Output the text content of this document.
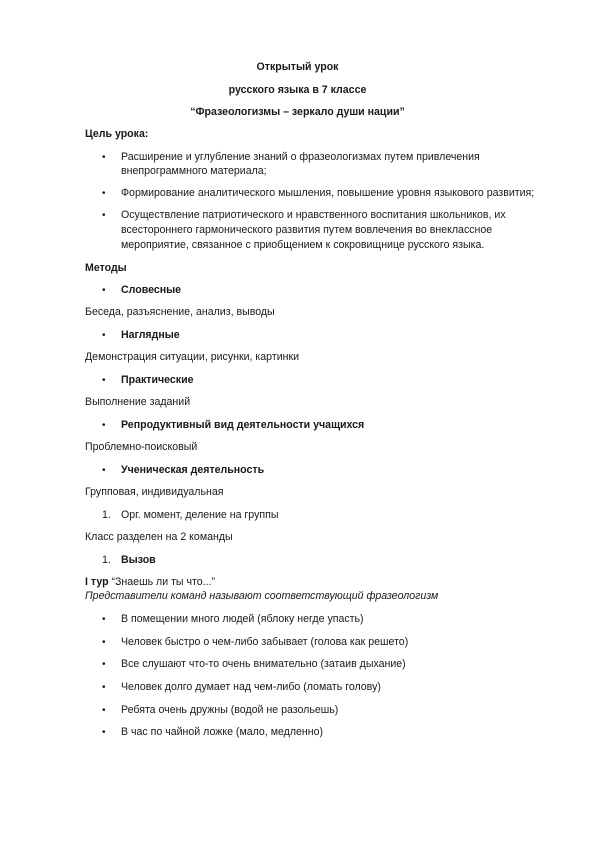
Открытый урок
русского языка в 7 классе
“Фразеологизмы – зеркало души нации”
Цель урока:
• Расширение и углубление знаний о фразеологизмах путем привлечения
внепрограммного материала;
• Формирование аналитического мышления, повышение уровня языкового развития;
• Осуществление патриотического и нравственного воспитания школьников, их
всестороннего гармонического развития путем вовлечения во внеклассное
мероприятие, связанное с приобщением к сокровищнице русского языка.
Методы
• Словесные
Беседа, разъяснение, анализ, выводы
• Наглядные
Демонстрация ситуации, рисунки, картинки
• Практические
Выполнение заданий
• Репродуктивный вид деятельности учащихся
Проблемно-поисковый
• Ученическая деятельность
Групповая, индивидуальная
1. Орг. момент, деление на группы
Класс разделен на 2 команды
1. Вызов
I тур “Знаешь ли ты что...”
Представители команд называют соответствующий фразеологизм
• В помещении много людей (яблоку негде упасть)
• Человек быстро о чем-либо забывает (голова как решето)
• Все слушают что-то очень внимательно (затаив дыхание)
• Человек долго думает над чем-либо (ломать голову)
• Ребята очень дружны (водой не разольешь)
• В час по чайной ложке (мало, медленно)
